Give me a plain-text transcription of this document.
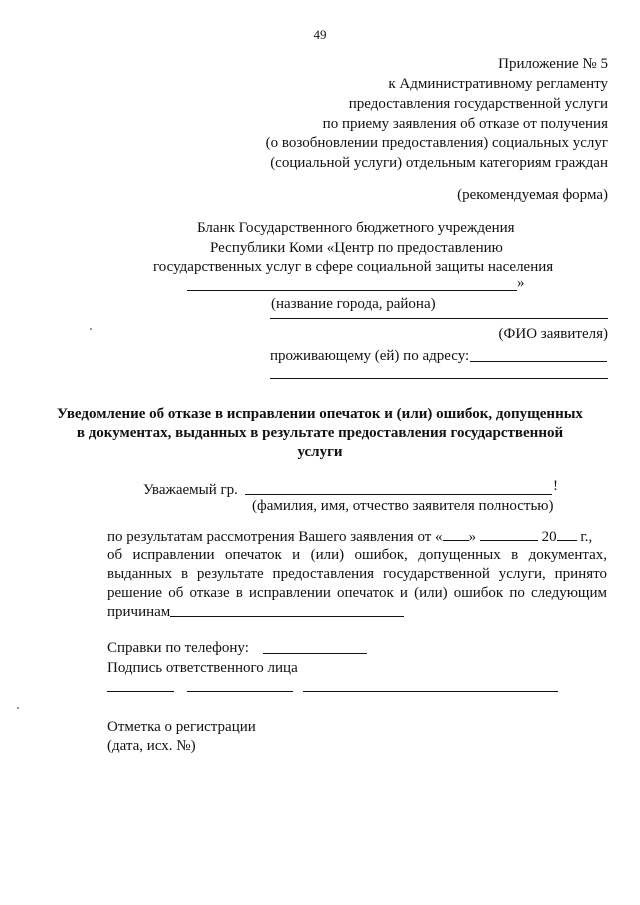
49
Приложение № 5
к Административному регламенту
предоставления государственной услуги
по приему заявления об отказе от получения
(о возобновлении предоставления) социальных услуг
(социальной услуги) отдельным категориям граждан
(рекомендуемая форма)
Бланк Государственного бюджетного учреждения
Республики Коми «Центр по предоставлению
государственных услуг в сфере социальной защиты населения
»
(название города, района)
(ФИО заявителя)
проживающему (ей) по адресу:
Уведомление об отказе в исправлении опечаток и (или) ошибок, допущенных
в документах, выданных в результате предоставления государственной
услуги
Уважаемый гр.	!
(фамилия, имя, отчество заявителя полностью)
по результатам рассмотрения Вашего заявления от « »	20 г.,
об исправлении опечаток и (или) ошибок, допущенных в документах,
выданных в результате предоставления государственной услуги, принято
решение об отказе в исправлении опечаток и (или) ошибок по следующим
причинам
Справки по телефону:
Подпись ответственного лица
Отметка о регистрации
(дата, исх. №)
